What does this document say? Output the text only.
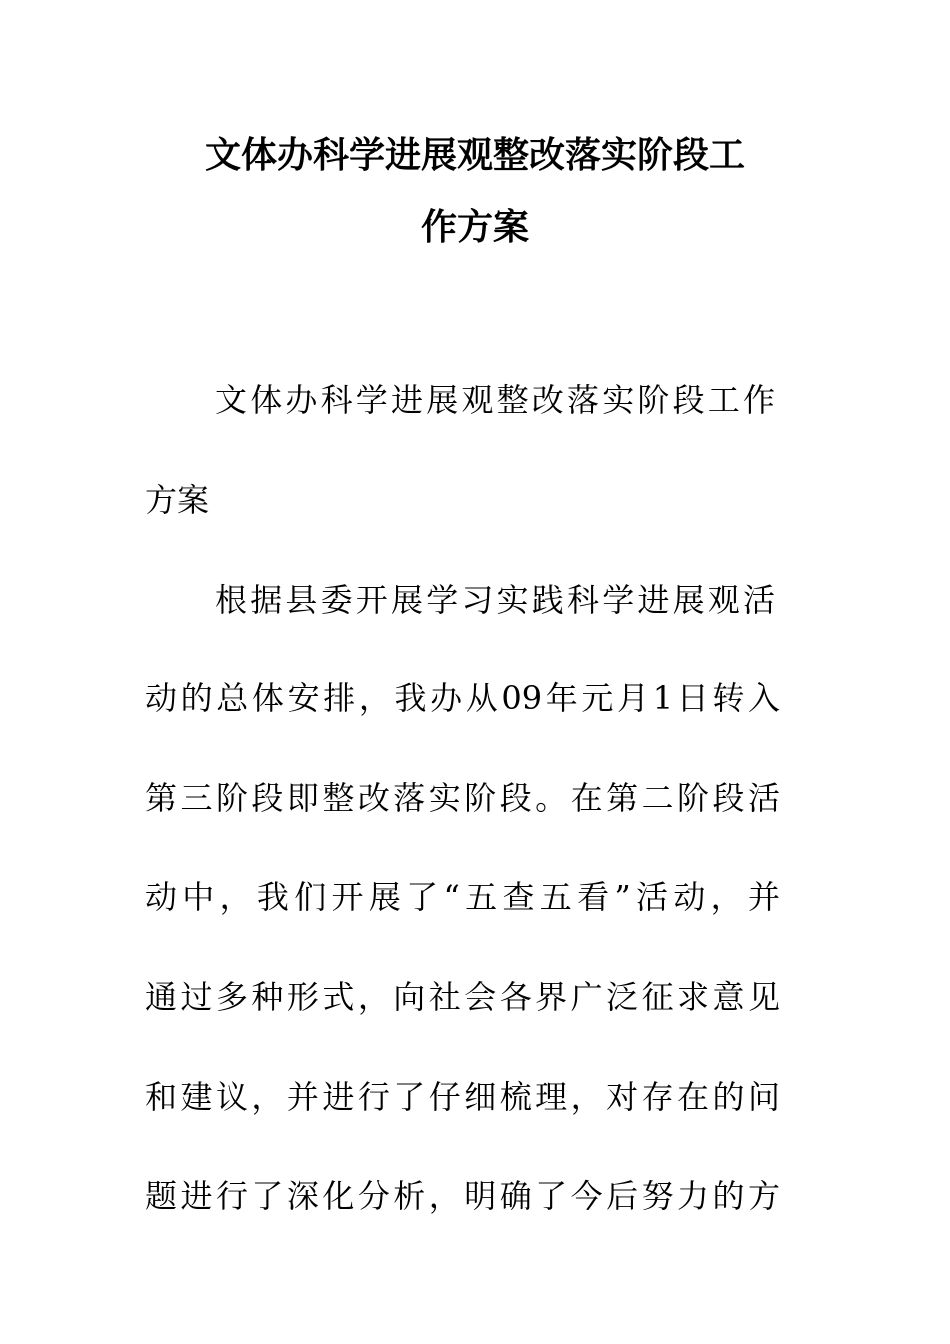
文体办科学进展观整改落实阶段工
作方案
文体办科学进展观整改落实阶段工作
方案
根据县委开展学习实践科学进展观活
动的总体安排，我办从09年元月1日转入
第三阶段即整改落实阶段。在第二阶段活
动中，我们开展了“五查五看”活动，并
通过多种形式，向社会各界广泛征求意见
和建议，并进行了仔细梳理，对存在的问
题进行了深化分析，明确了今后努力的方
